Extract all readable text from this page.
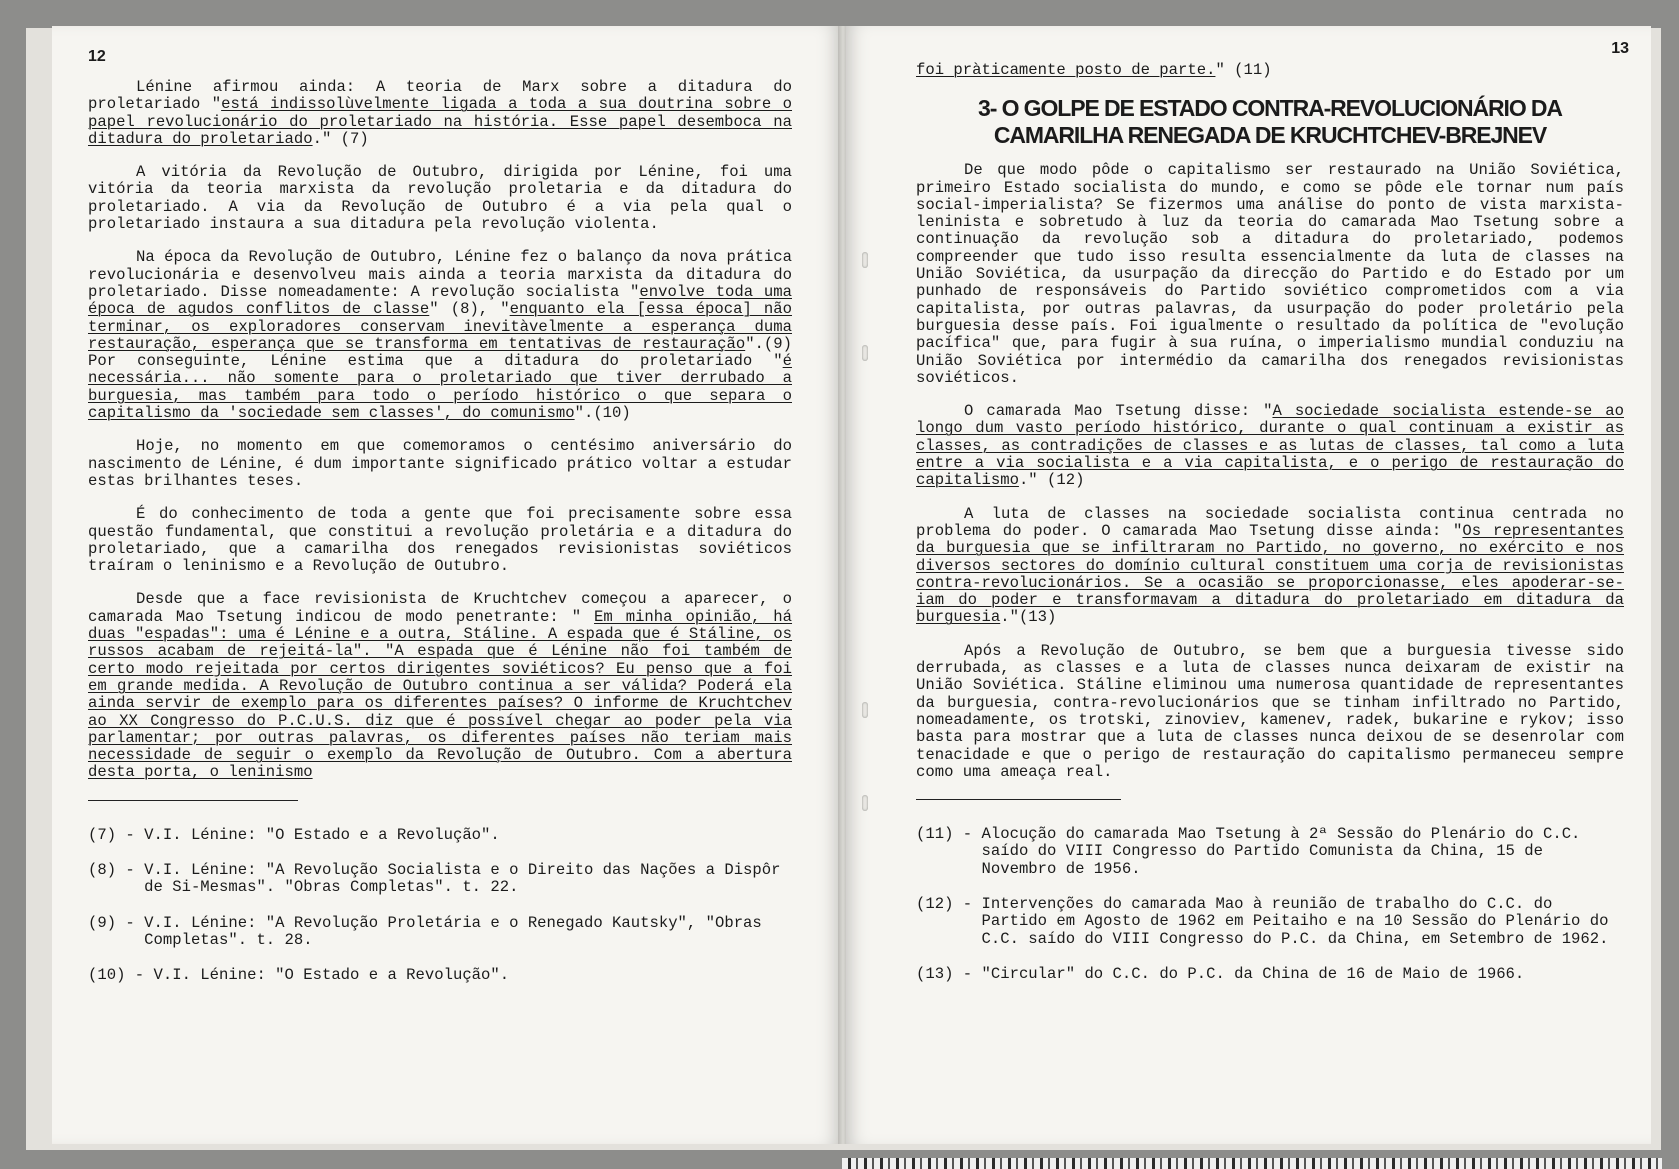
12

Lénine afirmou ainda: A teoria de Marx sobre a ditadura do proletariado "está indissolùvelmente ligada a toda a sua doutrina sobre o papel revolucionário do proletariado na história. Esse papel desemboca na ditadura do proletariado." (7)

A vitória da Revolução de Outubro, dirigida por Lénine, foi uma vitória da teoria marxista da revolução proletaria e da ditadura do proletariado. A via da Revolução de Outubro é a via pela qual o proletariado instaura a sua ditadura pela revolução violenta.

Na época da Revolução de Outubro, Lénine fez o balanço da nova prática revolucionária e desenvolveu mais ainda a teoria marxista da ditadura do proletariado. Disse nomeadamente: A revolução socialista "envolve toda uma época de agudos conflitos de classe" (8), "enquanto ela [essa época] não terminar, os exploradores conservam inevitàvelmente a esperança duma restauração, esperança que se transforma em tentativas de restauração".(9) Por conseguinte, Lénine estima que a ditadura do proletariado "é necessária... não somente para o proletariado que tiver derrubado a burguesia, mas também para todo o período histórico o que separa o capitalismo da 'sociedade sem classes', do comunismo".(10)

Hoje, no momento em que comemoramos o centésimo aniversário do nascimento de Lénine, é dum importante significado prático voltar a estudar estas brilhantes teses.

É do conhecimento de toda a gente que foi precisamente sobre essa questão fundamental, que constitui a revolução proletária e a ditadura do proletariado, que a camarilha dos renegados revisionistas soviéticos traíram o leninismo e a Revolução de Outubro.

Desde que a face revisionista de Kruchtchev começou a aparecer, o camarada Mao Tsetung indicou de modo penetrante: " Em minha opinião, há duas "espadas": uma é Lénine e a outra, Stáline. A espada que é Stáline, os russos acabam de rejeitá-la". "A espada que é Lénine não foi também de certo modo rejeitada por certos dirigentes soviéticos? Eu penso que a foi em grande medida. A Revolução de Outubro continua a ser válida? Poderá ela ainda servir de exemplo para os diferentes países? O informe de Kruchtchev ao XX Congresso do P.C.U.S. diz que é possível chegar ao poder pela via parlamentar; por outras palavras, os diferentes países não teriam mais necessidade de seguir o exemplo da Revolução de Outubro. Com a abertura desta porta, o leninismo

(7) - V.I. Lénine: "O Estado e a Revolução".
(8) - V.I. Lénine: "A Revolução Socialista e o Direito das Nações a Dispôr de Si-Mesmas". "Obras Completas". t. 22.
(9) - V.I. Lénine: "A Revolução Proletária e o Renegado Kautsky", "Obras Completas". t. 28.
(10) - V.I. Lénine: "O Estado e a Revolução".
13

foi pràticamente posto de parte." (11)

3- O GOLPE DE ESTADO CONTRA-REVOLUCIONÁRIO DA
CAMARILHA RENEGADA DE KRUCHTCHEV-BREJNEV

De que modo pôde o capitalismo ser restaurado na União Soviética, primeiro Estado socialista do mundo, e como se pôde ele tornar num país social-imperialista? Se fizermos uma análise do ponto de vista marxista-leninista e sobretudo à luz da teoria do camarada Mao Tsetung sobre a continuação da revolução sob a ditadura do proletariado, podemos compreender que tudo isso resulta essencialmente da luta de classes na União Soviética, da usurpação da direcção do Partido e do Estado por um punhado de responsáveis do Partido soviético comprometidos com a via capitalista, por outras palavras, da usurpação do poder proletário pela burguesia desse país. Foi igualmente o resultado da política de "evolução pacífica" que, para fugir à sua ruína, o imperialismo mundial conduziu na União Soviética por intermédio da camarilha dos renegados revisionistas soviéticos.

O camarada Mao Tsetung disse: "A sociedade socialista estende-se ao longo dum vasto período histórico, durante o qual continuam a existir as classes, as contradições de classes e as lutas de classes, tal como a luta entre a via socialista e a via capitalista, e o perigo de restauração do capitalismo." (12)

A luta de classes na sociedade socialista continua centrada no problema do poder. O camarada Mao Tsetung disse ainda: "Os representantes da burguesia que se infiltraram no Partido, no governo, no exército e nos diversos sectores do domínio cultural constituem uma corja de revisionistas contra-revolucionários. Se a ocasião se proporcionasse, eles apoderar-se-iam do poder e transformavam a ditadura do proletariado em ditadura da burguesia."(13)

Após a Revolução de Outubro, se bem que a burguesia tivesse sido derrubada, as classes e a luta de classes nunca deixaram de existir na União Soviética. Stáline eliminou uma numerosa quantidade de representantes da burguesia, contra-revolucionários que se tinham infiltrado no Partido, nomeadamente, os trotski, zinoviev, kamenev, radek, bukarine e rykov; isso basta para mostrar que a luta de classes nunca deixou de se desenrolar com tenacidade e que o perigo de restauração do capitalismo permaneceu sempre como uma ameaça real.

(11) - Alocução do camarada Mao Tsetung à 2ª Sessão do Plenário do C.C. saído do VIII Congresso do Partido Comunista da China, 15 de Novembro de 1956.
(12) - Intervenções do camarada Mao à reunião de trabalho do C.C. do Partido em Agosto de 1962 em Peitaiho e na 10 Sessão do Plenário do C.C. saído do VIII Congresso do P.C. da China, em Setembro de 1962.
(13) - "Circular" do C.C. do P.C. da China de 16 de Maio de 1966.
